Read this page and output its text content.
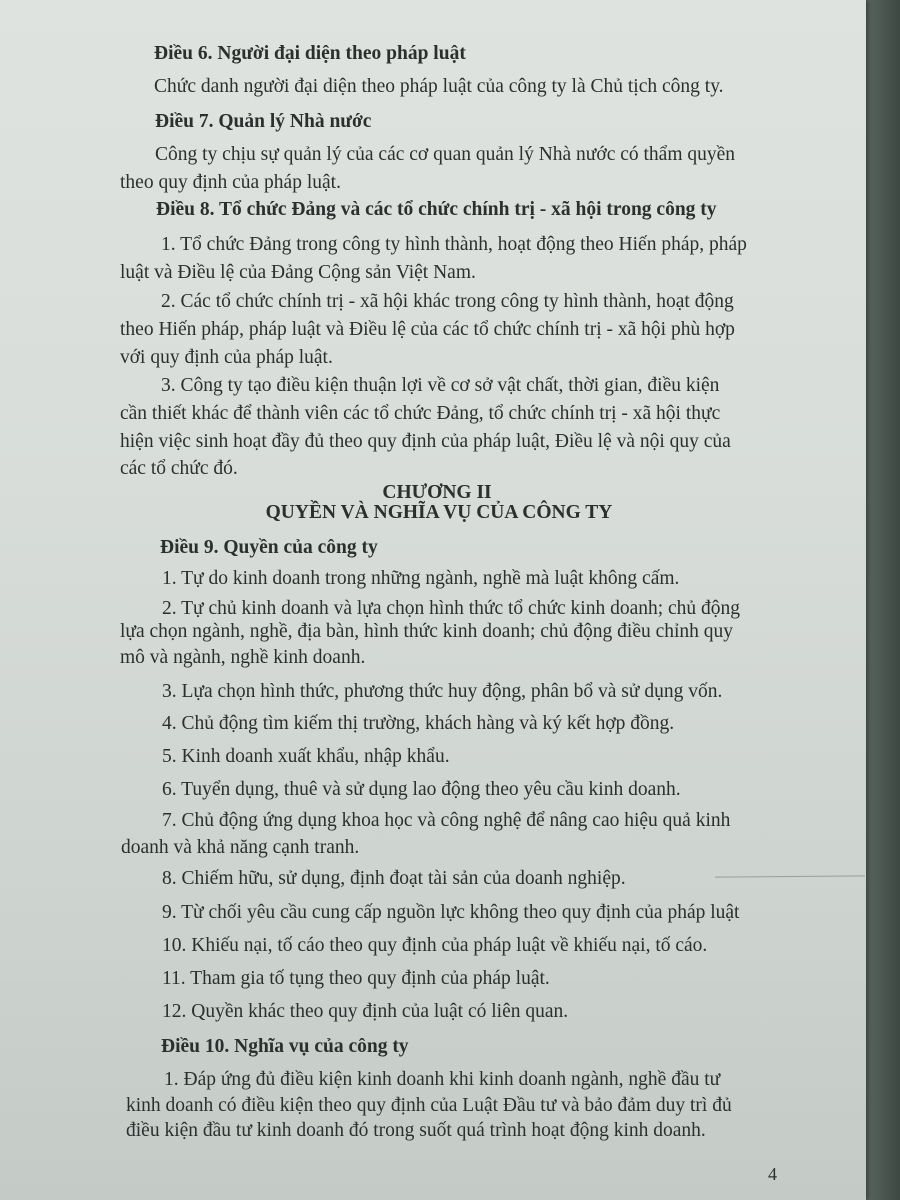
Điều 6. Người đại diện theo pháp luật

Chức danh người đại diện theo pháp luật của công ty là Chủ tịch công ty.

Điều 7. Quản lý Nhà nước

Công ty chịu sự quản lý của các cơ quan quản lý Nhà nước có thẩm quyền

theo quy định của pháp luật.

Điều 8. Tổ chức Đảng và các tổ chức chính trị - xã hội trong công ty

1. Tổ chức Đảng trong công ty hình thành, hoạt động theo Hiến pháp, pháp

luật và Điều lệ của Đảng Cộng sản Việt Nam.

2. Các tổ chức chính trị - xã hội khác trong công ty hình thành, hoạt động

theo Hiến pháp, pháp luật và Điều lệ của các tổ chức chính trị - xã hội phù hợp

với quy định của pháp luật.

3. Công ty tạo điều kiện thuận lợi về cơ sở vật chất, thời gian, điều kiện

cần thiết khác để thành viên các tổ chức Đảng, tổ chức chính trị - xã hội thực

hiện việc sinh hoạt đầy đủ theo quy định của pháp luật, Điều lệ và nội quy của

các tổ chức đó.

CHƯƠNG II

QUYỀN VÀ NGHĨA VỤ CỦA CÔNG TY

Điều 9. Quyền của công ty

1. Tự do kinh doanh trong những ngành, nghề mà luật không cấm.

2. Tự chủ kinh doanh và lựa chọn hình thức tổ chức kinh doanh; chủ động

lựa chọn ngành, nghề, địa bàn, hình thức kinh doanh; chủ động điều chỉnh quy

mô và ngành, nghề kinh doanh.

3. Lựa chọn hình thức, phương thức huy động, phân bổ và sử dụng vốn.

4. Chủ động tìm kiếm thị trường, khách hàng và ký kết hợp đồng.

5. Kinh doanh xuất khẩu, nhập khẩu.

6. Tuyển dụng, thuê và sử dụng lao động theo yêu cầu kinh doanh.

7. Chủ động ứng dụng khoa học và công nghệ để nâng cao hiệu quả kinh

doanh và khả năng cạnh tranh.

8. Chiếm hữu, sử dụng, định đoạt tài sản của doanh nghiệp.

9. Từ chối yêu cầu cung cấp nguồn lực không theo quy định của pháp luật

10. Khiếu nại, tố cáo theo quy định của pháp luật về khiếu nại, tố cáo.

11. Tham gia tố tụng theo quy định của pháp luật.

12. Quyền khác theo quy định của luật có liên quan.

Điều 10. Nghĩa vụ của công ty

1. Đáp ứng đủ điều kiện kinh doanh khi kinh doanh ngành, nghề đầu tư

kinh doanh có điều kiện theo quy định của Luật Đầu tư và bảo đảm duy trì đủ

điều kiện đầu tư kinh doanh đó trong suốt quá trình hoạt động kinh doanh.

4
